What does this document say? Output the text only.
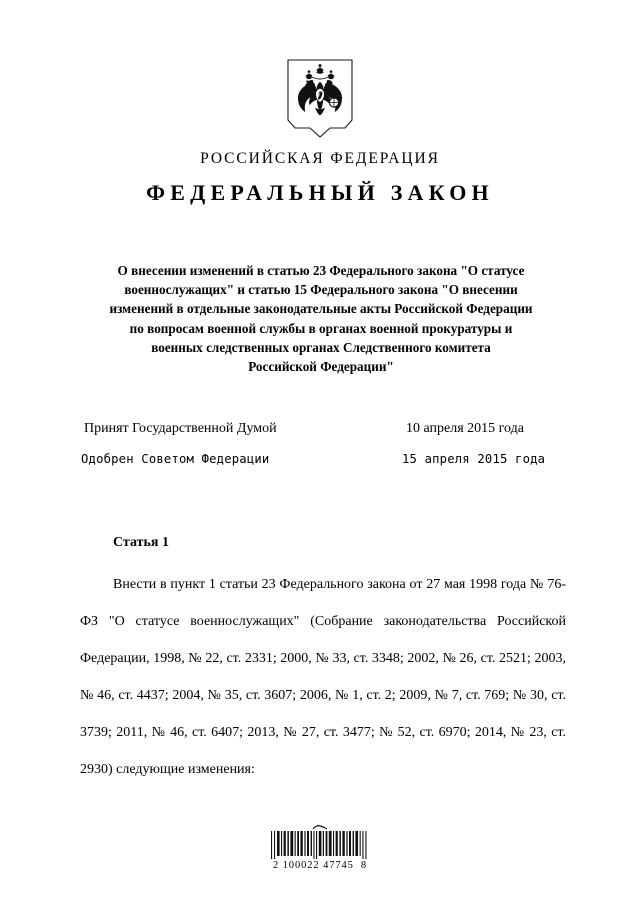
РОССИЙСКАЯ ФЕДЕРАЦИЯ
ФЕДЕРАЛЬНЫЙ ЗАКОН
О внесении изменений в статью 23 Федерального закона "О статусе
военнослужащих" и статью 15 Федерального закона "О внесении
изменений в отдельные законодательные акты Российской Федерации
по вопросам военной службы в органах военной прокуратуры и
военных следственных органах Следственного комитета
Российской Федерации"
Принят Государственной Думой	10 апреля 2015 года
Одобрен Советом Федерации	15 апреля 2015 года
Статья 1
Внести в пункт 1 статьи 23 Федерального закона от 27 мая 1998 года № 76-ФЗ "О статусе военнослужащих" (Собрание законодательства Российской Федерации, 1998, № 22, ст. 2331; 2000, № 33, ст. 3348; 2002, № 26, ст. 2521; 2003, № 46, ст. 4437; 2004, № 35, ст. 3607; 2006, № 1, ст. 2; 2009, № 7, ст. 769; № 30, ст. 3739; 2011, № 46, ст. 6407; 2013, № 27, ст. 3477; № 52, ст. 6970; 2014, № 23, ст. 2930) следующие изменения:
2 100022 47745  8
